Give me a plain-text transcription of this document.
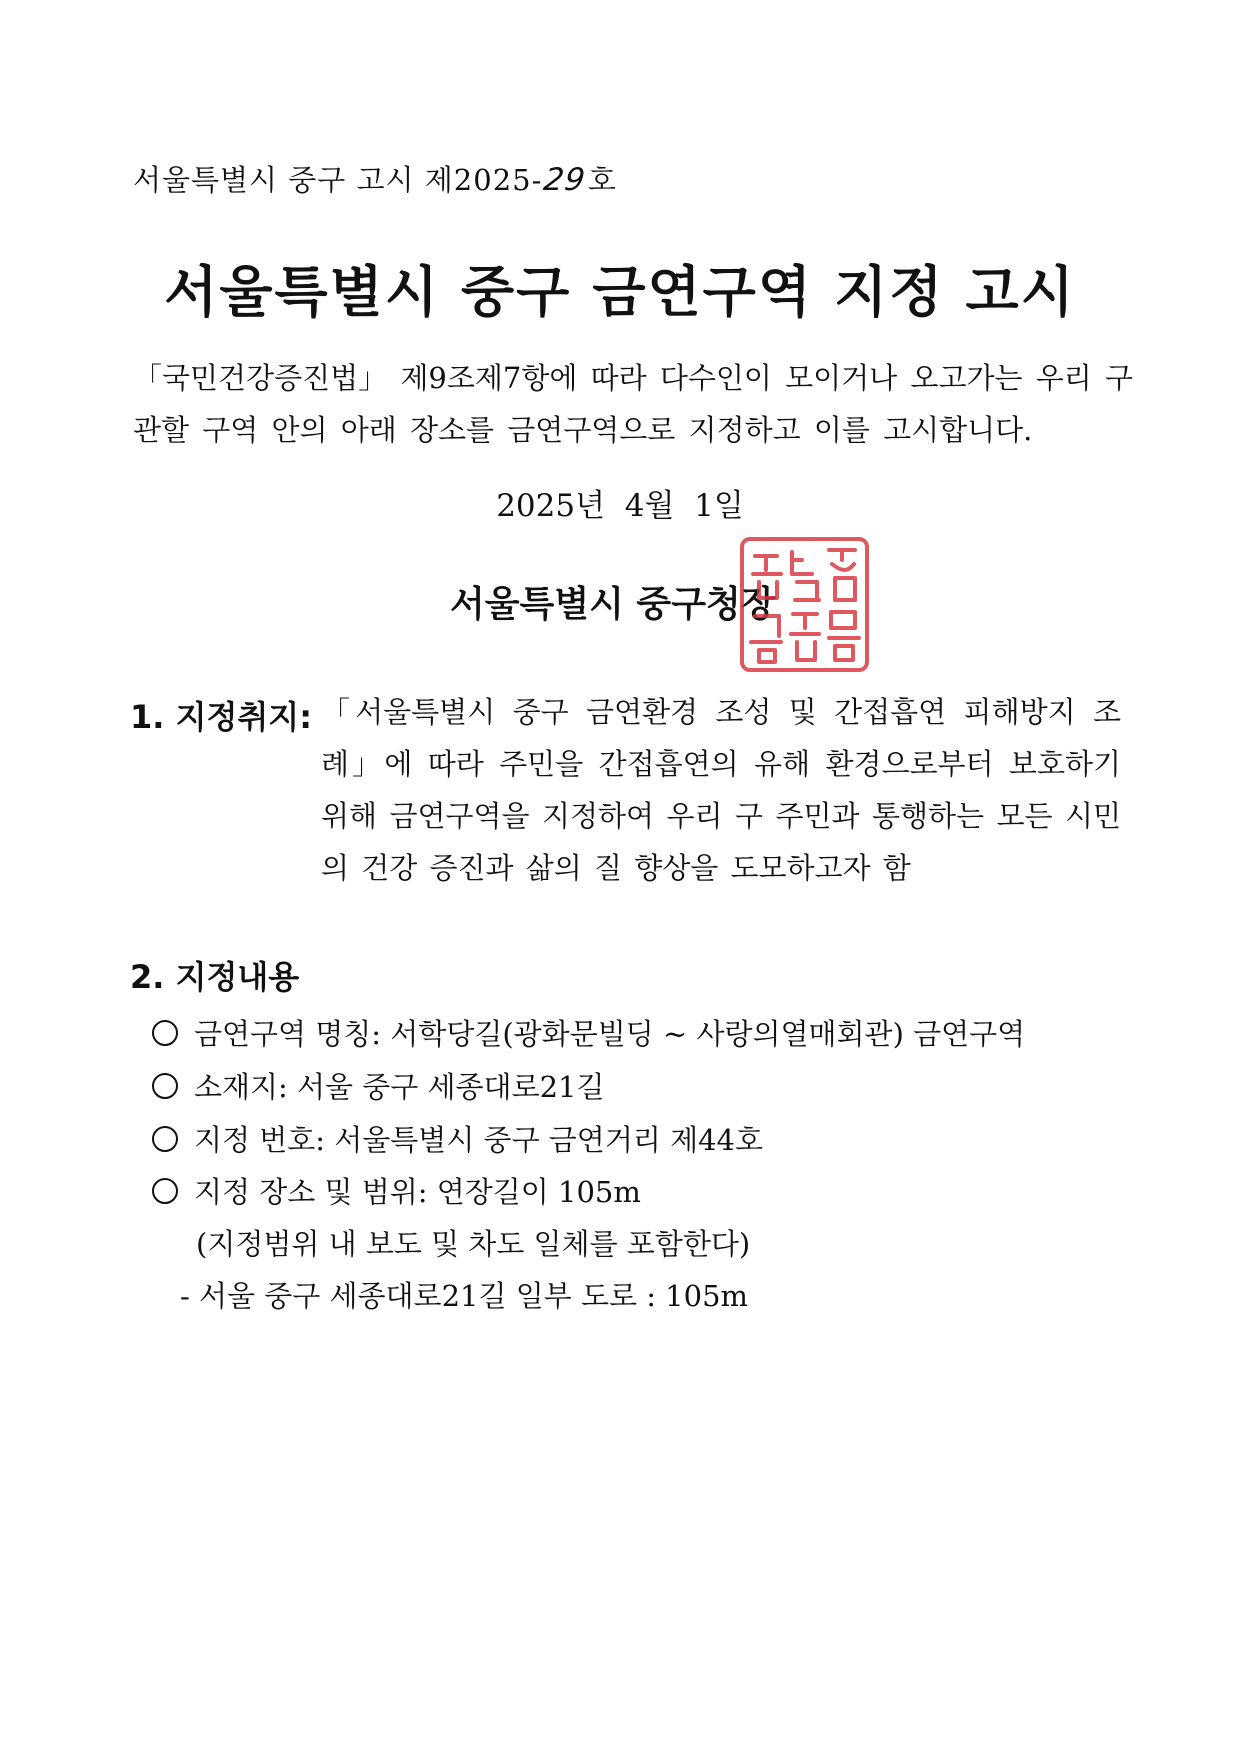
서울특별시 중구 고시 제2025-29호
서울특별시 중구 금연구역 지정 고시
「국민건강증진법」 제9조제7항에 따라 다수인이 모이거나 오고가는 우리 구 관할 구역 안의 아래 장소를 금연구역으로 지정하고 이를 고시합니다.
2025년  4월  1일
서울특별시 중구청장
1. 지정취지: 「서울특별시 중구 금연환경 조성 및 간접흡연 피해방지 조례」에 따라 주민을 간접흡연의 유해 환경으로부터 보호하기 위해 금연구역을 지정하여 우리 구 주민과 통행하는 모든 시민의 건강 증진과 삶의 질 향상을 도모하고자 함
2. 지정내용
금연구역 명칭: 서학당길(광화문빌딩 ~ 사랑의열매회관) 금연구역
소재지: 서울 중구 세종대로21길
지정 번호: 서울특별시 중구 금연거리 제44호
지정 장소 및 범위: 연장길이 105m
(지정범위 내 보도 및 차도 일체를 포함한다)
- 서울 중구 세종대로21길 일부 도로 : 105m
